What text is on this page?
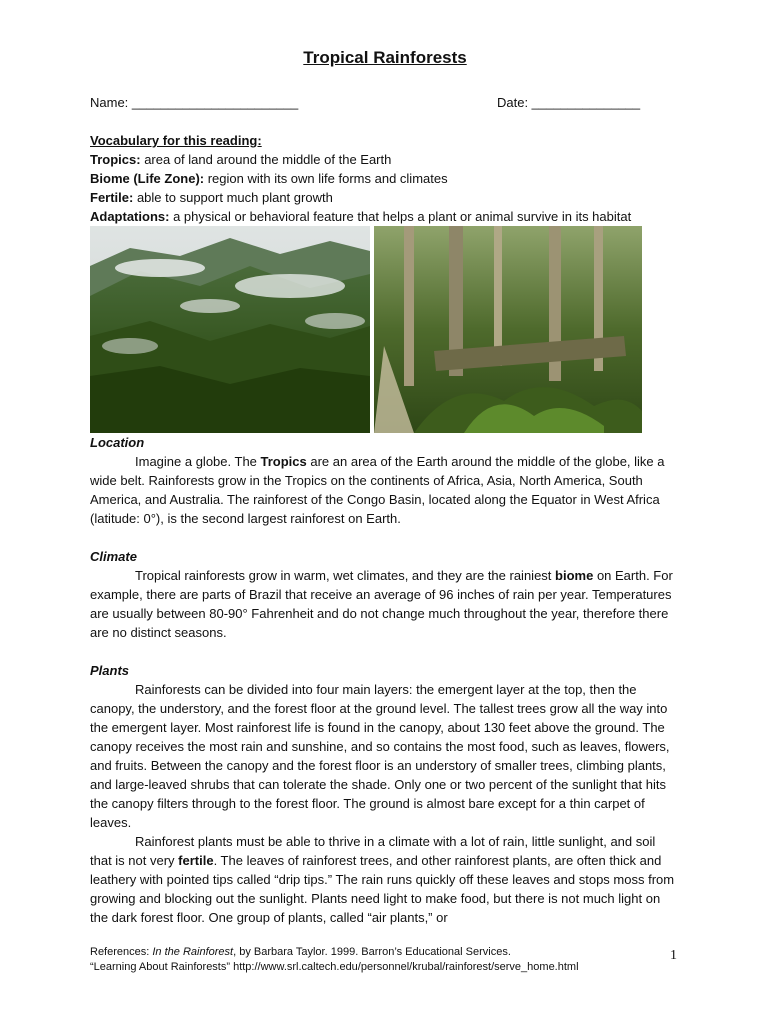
Tropical Rainforests
Name: _______________________	Date: _______________
Vocabulary for this reading:
Tropics: area of land around the middle of the Earth
Biome (Life Zone): region with its own life forms and climates
Fertile: able to support much plant growth
Adaptations: a physical or behavioral feature that helps a plant or animal survive in its habitat
Location

Imagine a globe. The Tropics are an area of the Earth around the middle of the globe, like a wide belt. Rainforests grow in the Tropics on the continents of Africa, Asia, North America, South America, and Australia. The rainforest of the Congo Basin, located along the Equator in West Africa (latitude: 0°), is the second largest rainforest on Earth.

Climate

Tropical rainforests grow in warm, wet climates, and they are the rainiest biome on Earth. For example, there are parts of Brazil that receive an average of 96 inches of rain per year. Temperatures are usually between 80-90° Fahrenheit and do not change much throughout the year, therefore there are no distinct seasons.

Plants

Rainforests can be divided into four main layers: the emergent layer at the top, then the canopy, the understory, and the forest floor at the ground level. The tallest trees grow all the way into the emergent layer. Most rainforest life is found in the canopy, about 130 feet above the ground. The canopy receives the most rain and sunshine, and so contains the most food, such as leaves, flowers, and fruits. Between the canopy and the forest floor is an understory of smaller trees, climbing plants, and large-leaved shrubs that can tolerate the shade. Only one or two percent of the sunlight that hits the canopy filters through to the forest floor. The ground is almost bare except for a thin carpet of leaves.

Rainforest plants must be able to thrive in a climate with a lot of rain, little sunlight, and soil that is not very fertile. The leaves of rainforest trees, and other rainforest plants, are often thick and leathery with pointed tips called “drip tips.” The rain runs quickly off these leaves and stops moss from growing and blocking out the sunlight. Plants need light to make food, but there is not much light on the dark forest floor. One group of plants, called “air plants,” or

References: In the Rainforest, by Barbara Taylor. 1999. Barron’s Educational Services.
“Learning About Rainforests” http://www.srl.caltech.edu/personnel/krubal/rainforest/serve_home.html
1
